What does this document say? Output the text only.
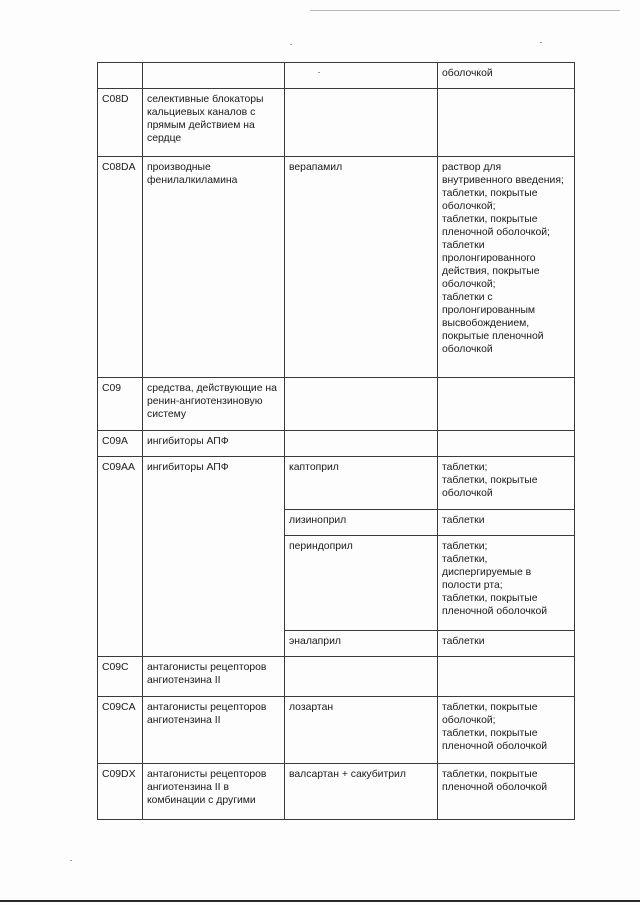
			оболочкой

C08D	селективные блокаторы кальциевых каналов с прямым действием на сердце		

C08DA	производные фенилалкиламина	верапамил	раствор для внутривенного введения;
таблетки, покрытые оболочкой;
таблетки, покрытые пленочной оболочкой;
таблетки пролонгированного действия, покрытые оболочкой;
таблетки с пролонгированным высвобождением, покрытые пленочной оболочкой

C09	средства, действующие на ренин-ангиотензиновую систему		

C09A	ингибиторы АПФ		

C09AA	ингибиторы АПФ	каптоприл	таблетки;
таблетки, покрытые оболочкой

		лизиноприл	таблетки

		периндоприл	таблетки;
таблетки, диспергируемые в полости рта;
таблетки, покрытые пленочной оболочкой

		эналаприл	таблетки

C09C	антагонисты рецепторов ангиотензина II		

C09CA	антагонисты рецепторов ангиотензина II	лозартан	таблетки, покрытые оболочкой;
таблетки, покрытые пленочной оболочкой

C09DX	антагонисты рецепторов ангиотензина II в комбинации с другими	валсартан + сакубитрил	таблетки, покрытые пленочной оболочкой
